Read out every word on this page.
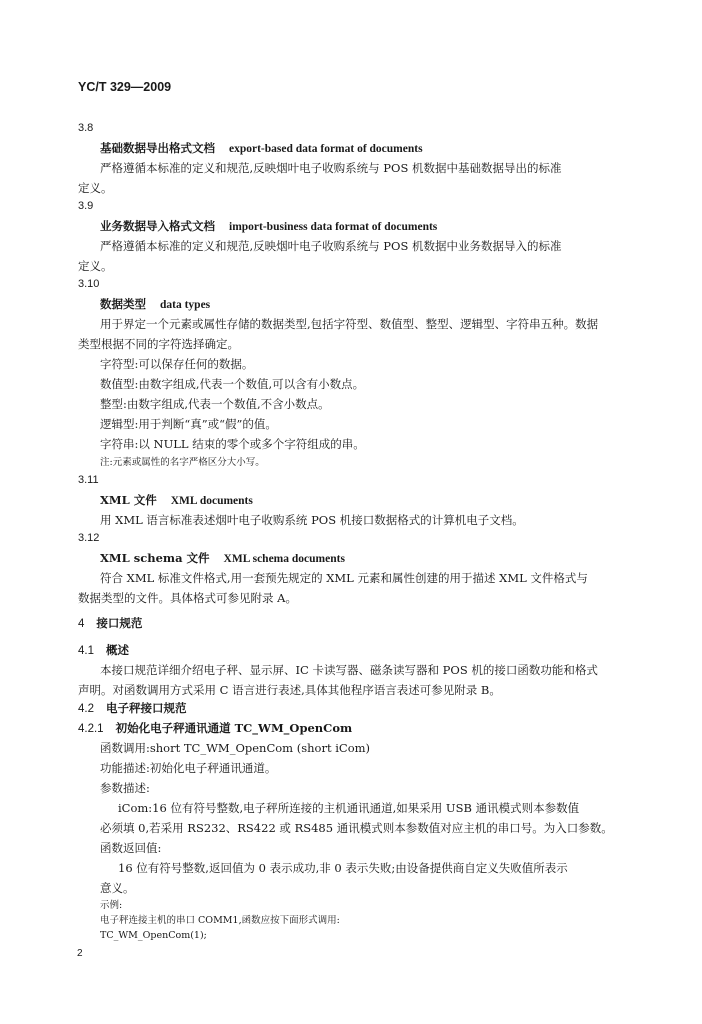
YC/T 329—2009
3.8
基础数据导出格式文档 export-based data format of documents
严格遵循本标准的定义和规范,反映烟叶电子收购系统与 POS 机数据中基础数据导出的标准
定义。
3.9
业务数据导入格式文档 import-business data format of documents
严格遵循本标准的定义和规范,反映烟叶电子收购系统与 POS 机数据中业务数据导入的标准
定义。
3.10
数据类型 data types
用于界定一个元素或属性存储的数据类型,包括字符型、数值型、整型、逻辑型、字符串五种。数据
类型根据不同的字符选择确定。
字符型:可以保存任何的数据。
数值型:由数字组成,代表一个数值,可以含有小数点。
整型:由数字组成,代表一个数值,不含小数点。
逻辑型:用于判断“真”或“假”的值。
字符串:以 NULL 结束的零个或多个字符组成的串。
注:元素或属性的名字严格区分大小写。
3.11
XML 文件 XML documents
用 XML 语言标准表述烟叶电子收购系统 POS 机接口数据格式的计算机电子文档。
3.12
XML schema 文件 XML schema documents
符合 XML 标准文件格式,用一套预先规定的 XML 元素和属性创建的用于描述 XML 文件格式与
数据类型的文件。具体格式可参见附录 A。
4 接口规范
4.1 概述
本接口规范详细介绍电子秤、显示屏、IC 卡读写器、磁条读写器和 POS 机的接口函数功能和格式
声明。对函数调用方式采用 C 语言进行表述,具体其他程序语言表述可参见附录 B。
4.2 电子秤接口规范
4.2.1 初始化电子秤通讯通道 TC_WM_OpenCom
函数调用:short TC_WM_OpenCom (short iCom)
功能描述:初始化电子秤通讯通道。
参数描述:
iCom:16 位有符号整数,电子秤所连接的主机通讯通道,如果采用 USB 通讯模式则本参数值
必须填 0,若采用 RS232、RS422 或 RS485 通讯模式则本参数值对应主机的串口号。为入口参数。
函数返回值:
16 位有符号整数,返回值为 0 表示成功,非 0 表示失败;由设备提供商自定义失败值所表示
意义。
示例:
电子秤连接主机的串口 COMM1,函数应按下面形式调用:
TC_WM_OpenCom(1);
2
